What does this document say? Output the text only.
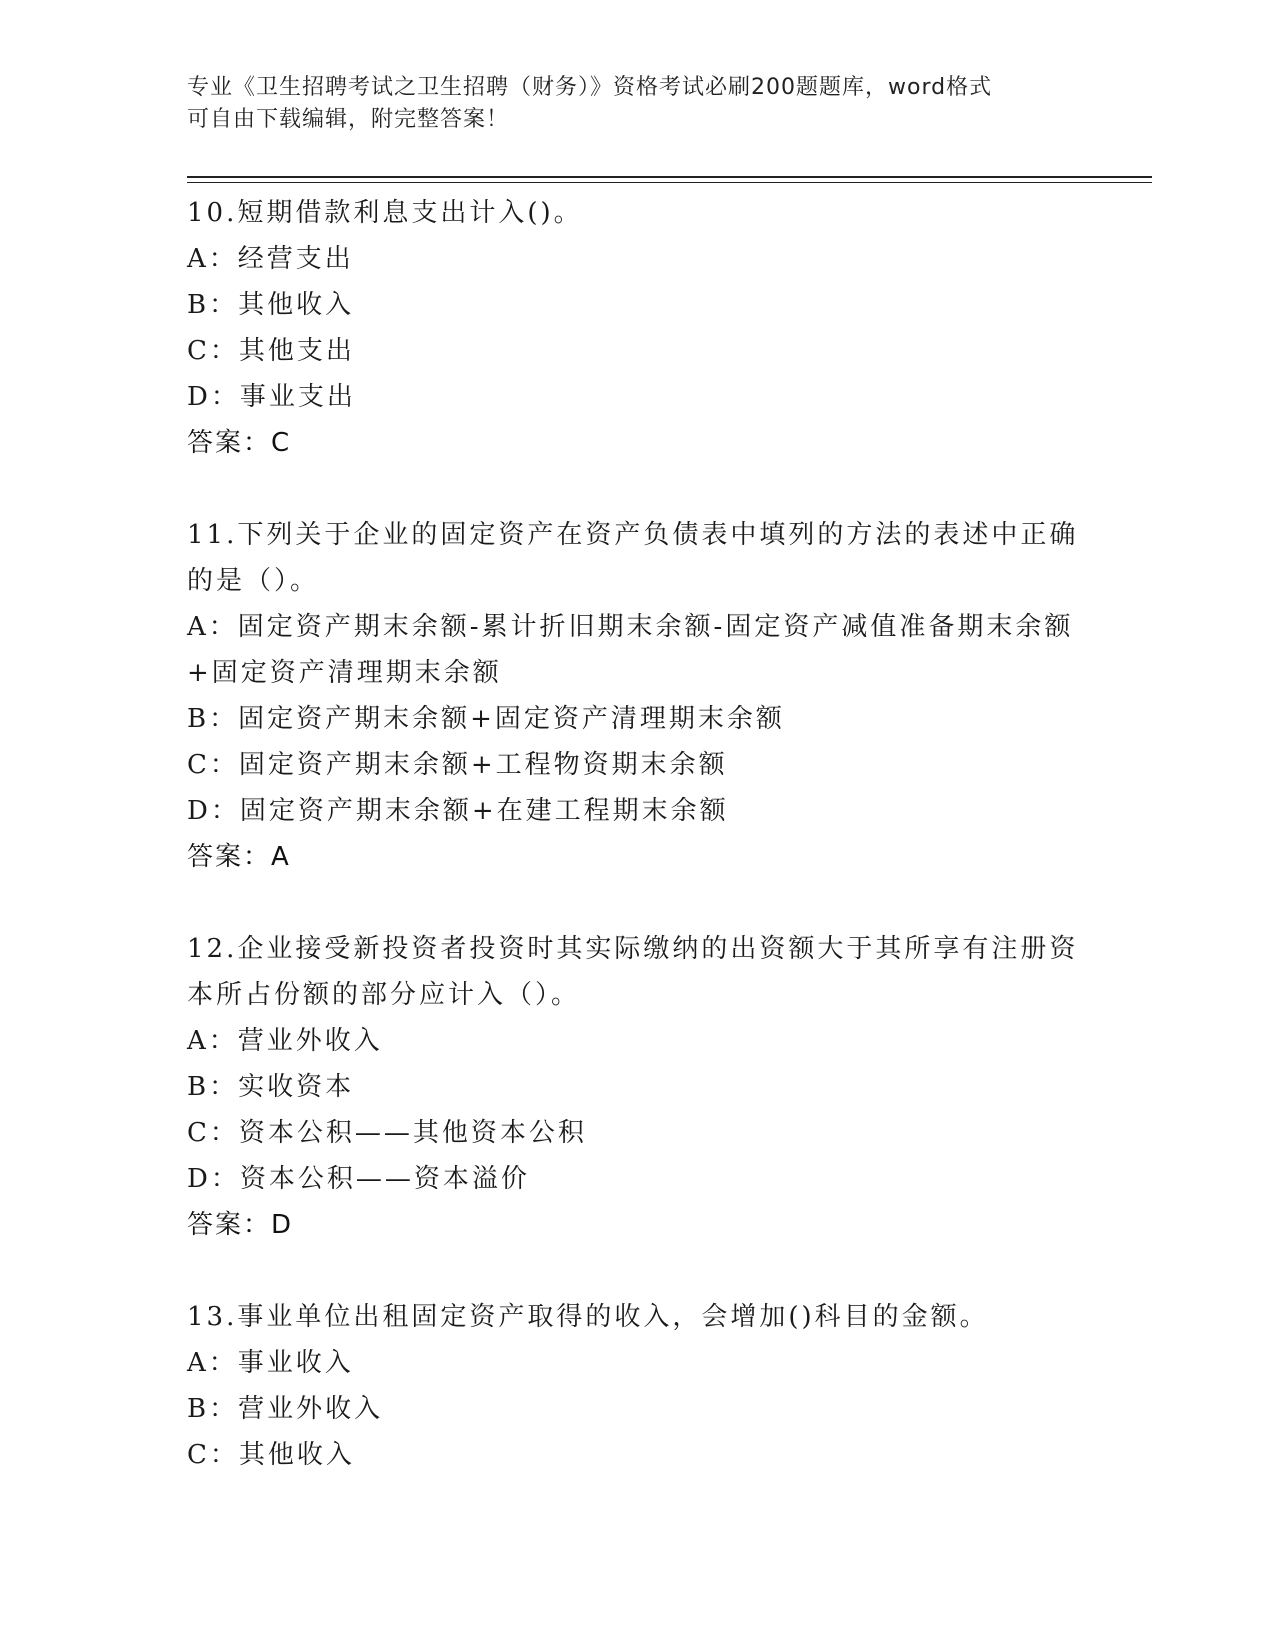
专业《卫生招聘考试之卫生招聘（财务）》资格考试必刷200题题库，word格式
可自由下载编辑，附完整答案！
10.短期借款利息支出计入()。
A：经营支出
B：其他收入
C：其他支出
D：事业支出
答案：C
11.下列关于企业的固定资产在资产负债表中填列的方法的表述中正确
的是（）。
A：固定资产期末余额-累计折旧期末余额-固定资产减值准备期末余额
+固定资产清理期末余额
B：固定资产期末余额+固定资产清理期末余额
C：固定资产期末余额+工程物资期末余额
D：固定资产期末余额+在建工程期末余额
答案：A
12.企业接受新投资者投资时其实际缴纳的出资额大于其所享有注册资
本所占份额的部分应计入（）。
A：营业外收入
B：实收资本
C：资本公积——其他资本公积
D：资本公积——资本溢价
答案：D
13.事业单位出租固定资产取得的收入，会增加()科目的金额。
A：事业收入
B：营业外收入
C：其他收入
